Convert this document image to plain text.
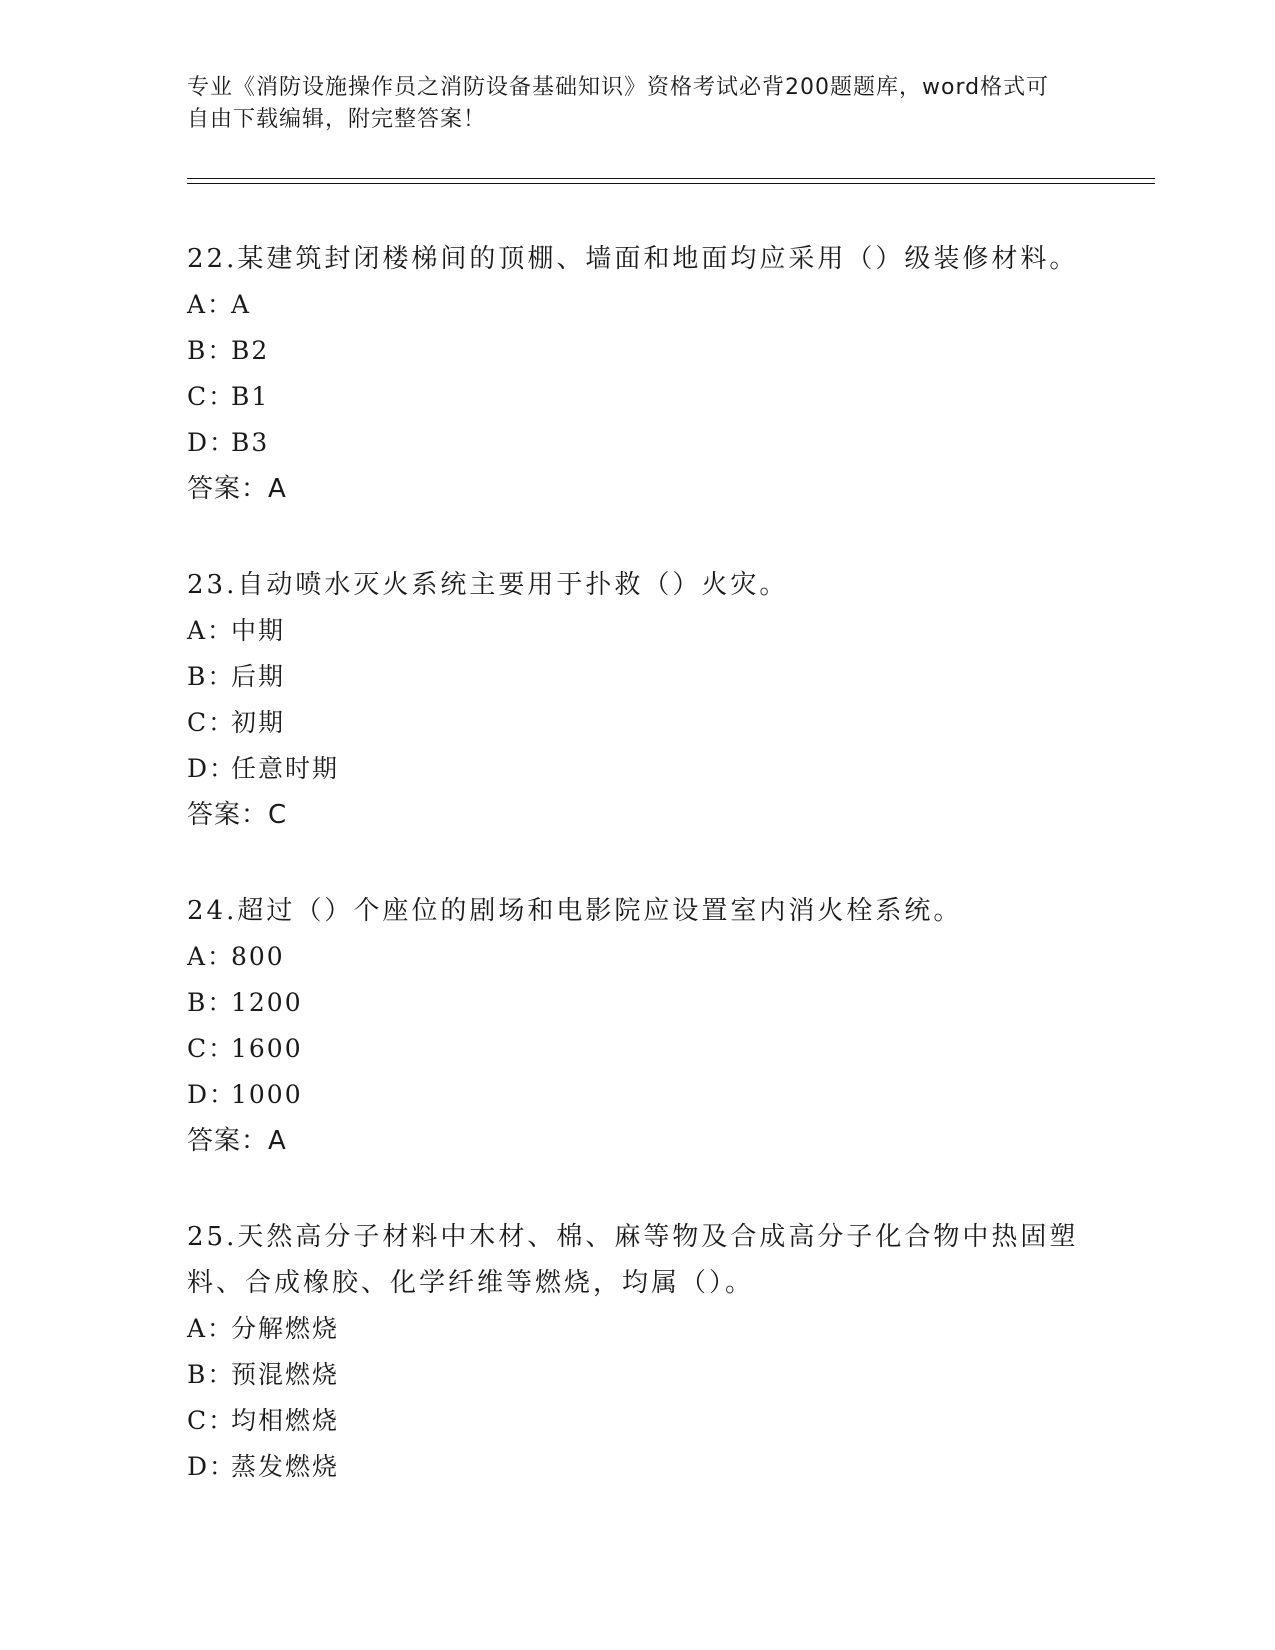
专业《消防设施操作员之消防设备基础知识》资格考试必背200题题库，word格式可自由下载编辑，附完整答案！
22.某建筑封闭楼梯间的顶棚、墙面和地面均应采用（）级装修材料。
A：A
B：B2
C：B1
D：B3
答案：A
23.自动喷水灭火系统主要用于扑救（）火灾。
A：中期
B：后期
C：初期
D：任意时期
答案：C
24.超过（）个座位的剧场和电影院应设置室内消火栓系统。
A：800
B：1200
C：1600
D：1000
答案：A
25.天然高分子材料中木材、棉、麻等物及合成高分子化合物中热固塑料、合成橡胶、化学纤维等燃烧，均属（）。
A：分解燃烧
B：预混燃烧
C：均相燃烧
D：蒸发燃烧
